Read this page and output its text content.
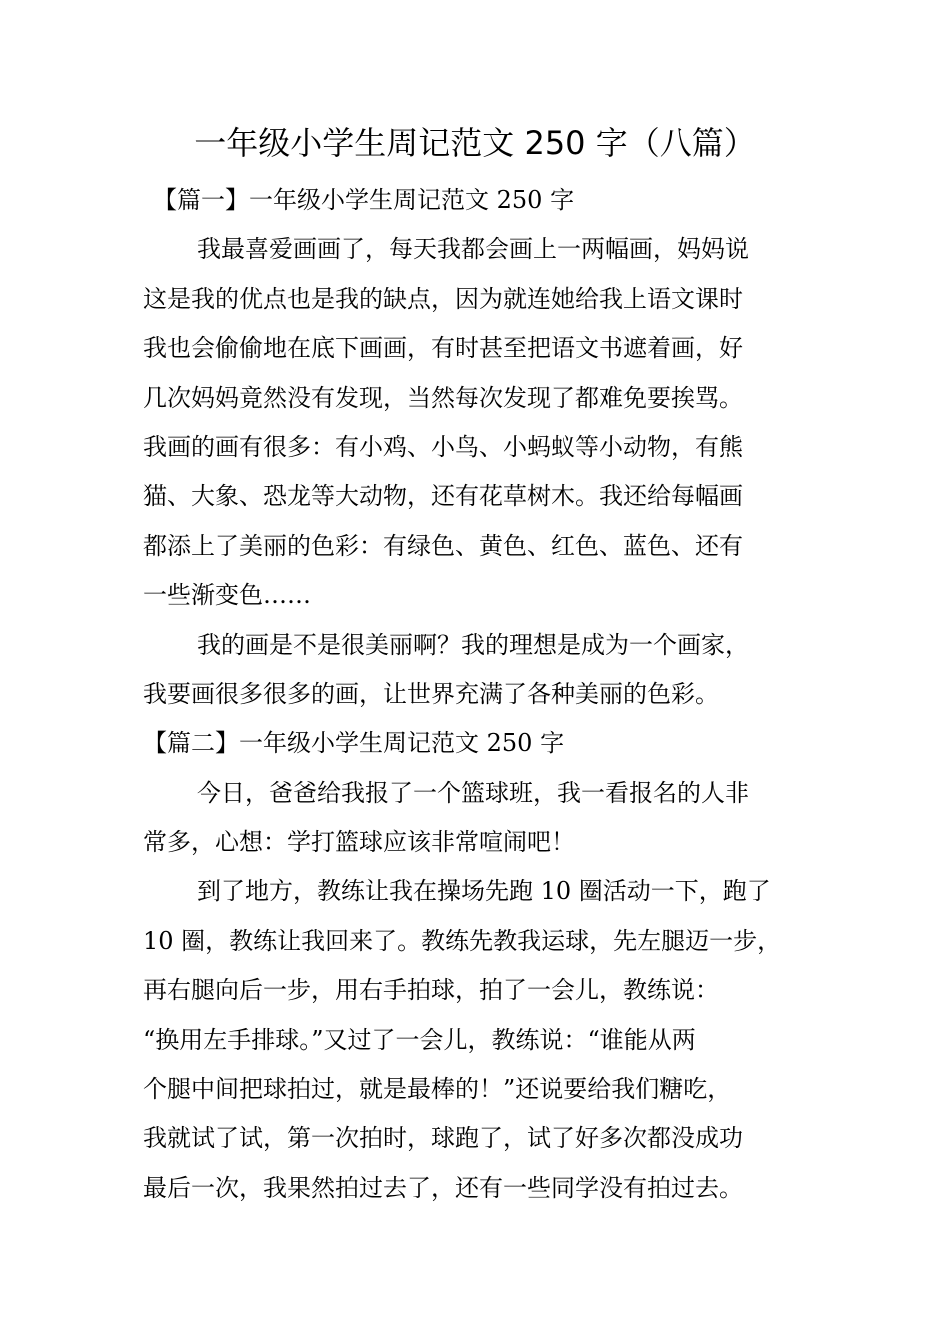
一年级小学生周记范文 250 字（八篇）
【篇一】一年级小学生周记范文 250 字
我最喜爱画画了，每天我都会画上一两幅画，妈妈说
这是我的优点也是我的缺点，因为就连她给我上语文课时
我也会偷偷地在底下画画，有时甚至把语文书遮着画，好
几次妈妈竟然没有发现，当然每次发现了都难免要挨骂。
我画的画有很多：有小鸡、小鸟、小蚂蚁等小动物，有熊
猫、大象、恐龙等大动物，还有花草树木。我还给每幅画
都添上了美丽的色彩：有绿色、黄色、红色、蓝色、还有
一些渐变色……
我的画是不是很美丽啊？我的理想是成为一个画家，
我要画很多很多的画，让世界充满了各种美丽的色彩。
【篇二】一年级小学生周记范文 250 字
今日，爸爸给我报了一个篮球班，我一看报名的人非
常多，心想：学打篮球应该非常喧闹吧！
到了地方，教练让我在操场先跑 10 圈活动一下，跑了
10 圈，教练让我回来了。教练先教我运球，先左腿迈一步，
再右腿向后一步，用右手拍球，拍了一会儿，教练说：
“换用左手排球。”又过了一会儿，教练说：“谁能从两
个腿中间把球拍过，就是最棒的！”还说要给我们糖吃，
我就试了试，第一次拍时，球跑了，试了好多次都没成功
最后一次，我果然拍过去了，还有一些同学没有拍过去。
